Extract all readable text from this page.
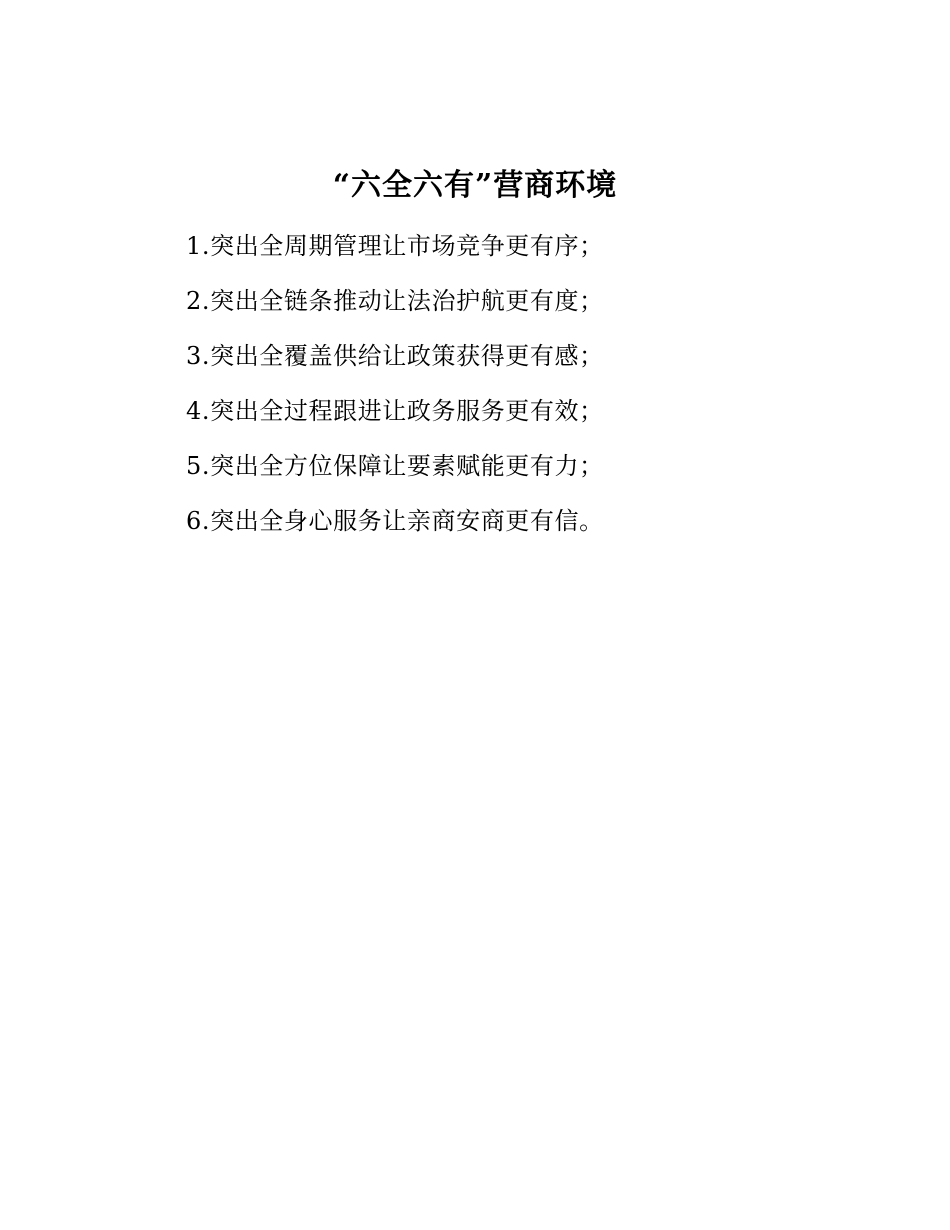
“六全六有”营商环境
1.突出全周期管理让市场竞争更有序；
2.突出全链条推动让法治护航更有度；
3.突出全覆盖供给让政策获得更有感；
4.突出全过程跟进让政务服务更有效；
5.突出全方位保障让要素赋能更有力；
6.突出全身心服务让亲商安商更有信。
